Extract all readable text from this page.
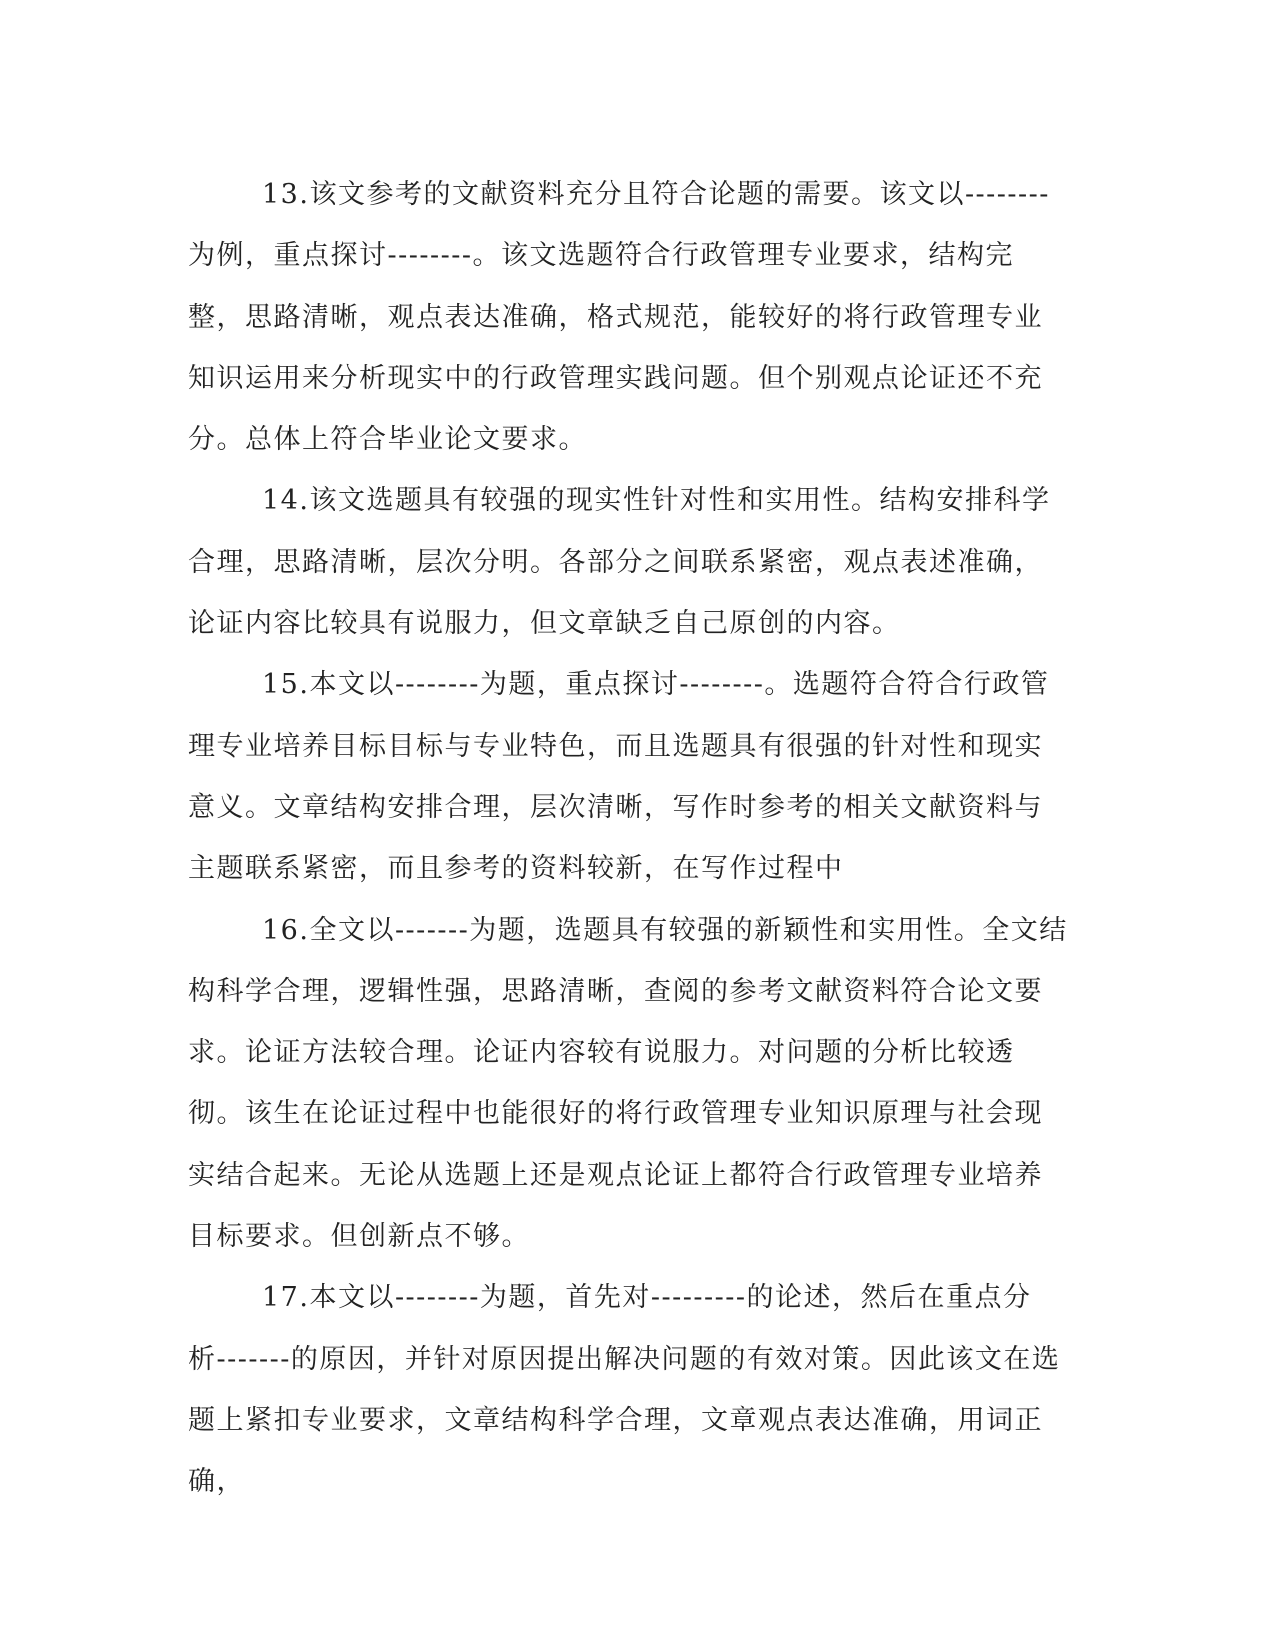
13.该文参考的文献资料充分且符合论题的需要。该文以--------为例，重点探讨--------。该文选题符合行政管理专业要求，结构完整，思路清晰，观点表达准确，格式规范，能较好的将行政管理专业知识运用来分析现实中的行政管理实践问题。但个别观点论证还不充分。总体上符合毕业论文要求。

14.该文选题具有较强的现实性针对性和实用性。结构安排科学合理，思路清晰，层次分明。各部分之间联系紧密，观点表述准确，论证内容比较具有说服力，但文章缺乏自己原创的内容。

15.本文以--------为题，重点探讨--------。选题符合符合行政管理专业培养目标目标与专业特色，而且选题具有很强的针对性和现实意义。文章结构安排合理，层次清晰，写作时参考的相关文献资料与主题联系紧密，而且参考的资料较新，在写作过程中

16.全文以-------为题，选题具有较强的新颖性和实用性。全文结构科学合理，逻辑性强，思路清晰，查阅的参考文献资料符合论文要求。论证方法较合理。论证内容较有说服力。对问题的分析比较透彻。该生在论证过程中也能很好的将行政管理专业知识原理与社会现实结合起来。无论从选题上还是观点论证上都符合行政管理专业培养目标要求。但创新点不够。

17.本文以--------为题，首先对---------的论述，然后在重点分析-------的原因，并针对原因提出解决问题的有效对策。因此该文在选题上紧扣专业要求，文章结构科学合理，文章观点表达准确，用词正确，
